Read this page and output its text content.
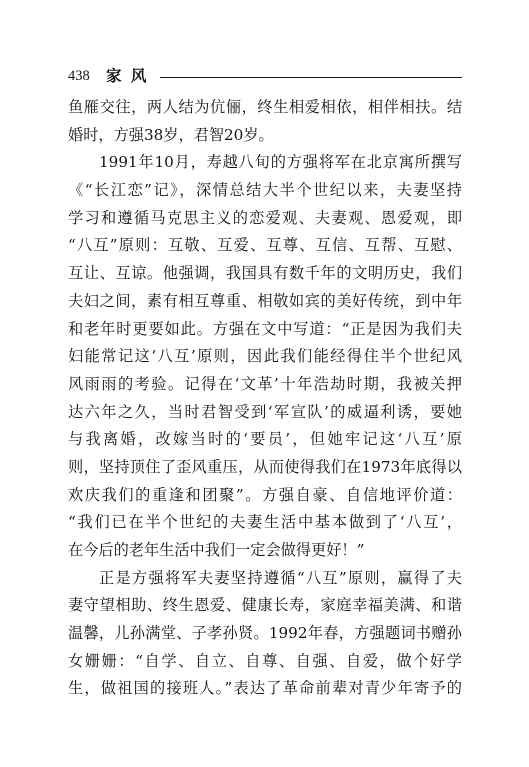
438 家 风
鱼雁交往，两人结为伉俪，终生相爱相依，相伴相扶。结
婚时，方强38岁，君智20岁。
1991年10月，寿越八旬的方强将军在北京寓所撰写
《“长江恋”记》，深情总结大半个世纪以来，夫妻坚持
学习和遵循马克思主义的恋爱观、夫妻观、恩爱观，即
“八互”原则：互敬、互爱、互尊、互信、互帮、互慰、
互让、互谅。他强调，我国具有数千年的文明历史，我们
夫妇之间，素有相互尊重、相敬如宾的美好传统，到中年
和老年时更要如此。方强在文中写道：“正是因为我们夫
妇能常记这‘八互’原则，因此我们能经得住半个世纪风
风雨雨的考验。记得在‘文革’十年浩劫时期，我被关押
达六年之久，当时君智受到‘军宣队’的威逼利诱，要她
与我离婚，改嫁当时的‘要员’，但她牢记这‘八互’原
则，坚持顶住了歪风重压，从而使得我们在1973年底得以
欢庆我们的重逢和团聚”。方强自豪、自信地评价道：
“我们已在半个世纪的夫妻生活中基本做到了‘八互’，
在今后的老年生活中我们一定会做得更好！”
正是方强将军夫妻坚持遵循“八互”原则，赢得了夫
妻守望相助、终生恩爱、健康长寿，家庭幸福美满、和谐
温馨，儿孙满堂、子孝孙贤。1992年春，方强题词书赠孙
女姗姗：“自学、自立、自尊、自强、自爱，做个好学
生，做祖国的接班人。”表达了革命前辈对青少年寄予的
